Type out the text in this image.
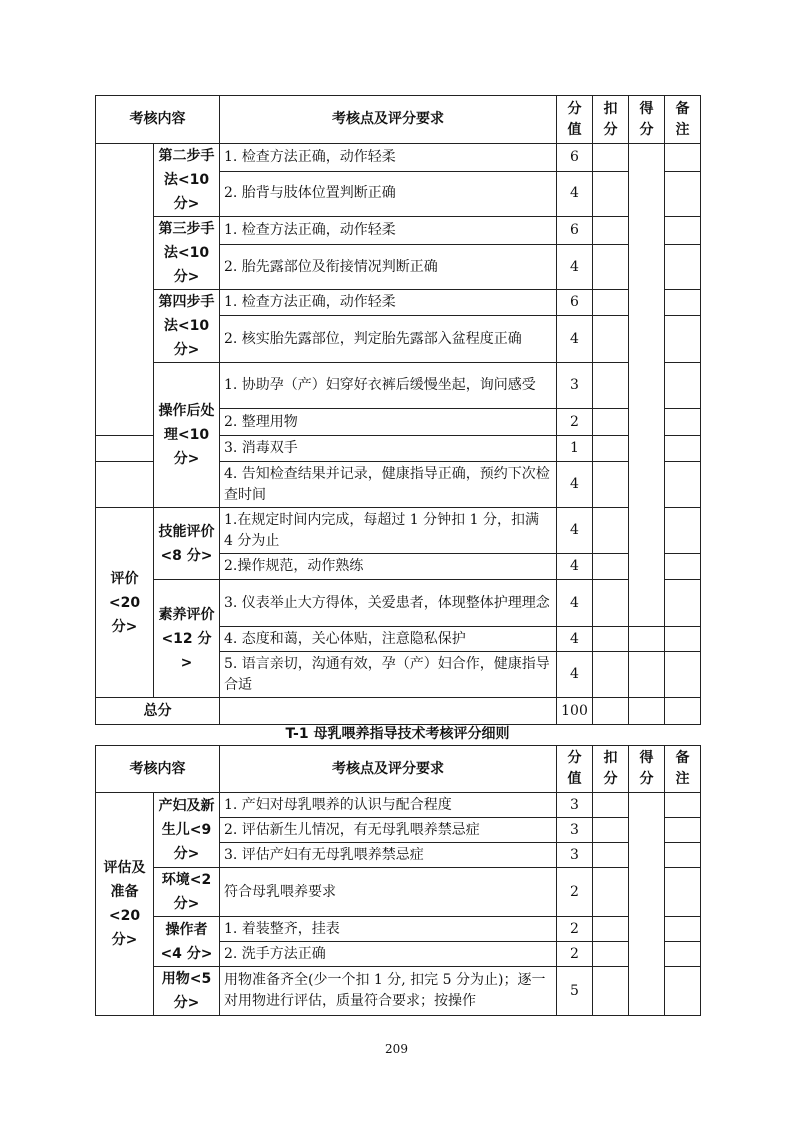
考核内容		考核点及评分要求	分值	扣分	得分	备注
	第二步手法<10 分>	1. 检查方法正确，动作轻柔	6			
		2. 胎背与肢体位置判断正确	4			
	第三步手法<10 分>	1. 检查方法正确，动作轻柔	6			
		2. 胎先露部位及衔接情况判断正确	4			
	第四步手法<10 分>	1. 检查方法正确，动作轻柔	6			
		2. 核实胎先露部位，判定胎先露部入盆程度正确	4			
	操作后处理<10 分>	1. 协助孕（产）妇穿好衣裤后缓慢坐起，询问感受	3			
		2. 整理用物	2			
		3. 消毒双手	1			
		4. 告知检查结果并记录，健康指导正确，预约下次检查时间	4			
评价<20 分>	技能评价<8 分>	1.在规定时间内完成，每超过 1 分钟扣 1 分，扣满 4 分为止	4			
		2.操作规范，动作熟练	4			
	素养评价<12 分>	3. 仪表举止大方得体，关爱患者，体现整体护理理念	4			
		4. 态度和蔼，关心体贴，注意隐私保护	4			
		5. 语言亲切，沟通有效，孕（产）妇合作，健康指导合适	4			
总分			100			
T-1 母乳喂养指导技术考核评分细则
考核内容		考核点及评分要求	分值	扣分	得分	备注
评估及准备<20 分>	产妇及新生儿<9 分>	1. 产妇对母乳喂养的认识与配合程度	3			
		2. 评估新生儿情况，有无母乳喂养禁忌症	3			
		3. 评估产妇有无母乳喂养禁忌症	3			
	环境<2 分>	符合母乳喂养要求	2			
	操作者<4 分>	1. 着装整齐，挂表	2			
		2. 洗手方法正确	2			
	用物<5 分>	用物准备齐全(少一个扣 1 分, 扣完 5 分为止)；逐一对用物进行评估，质量符合要求；按操作	5			
209
